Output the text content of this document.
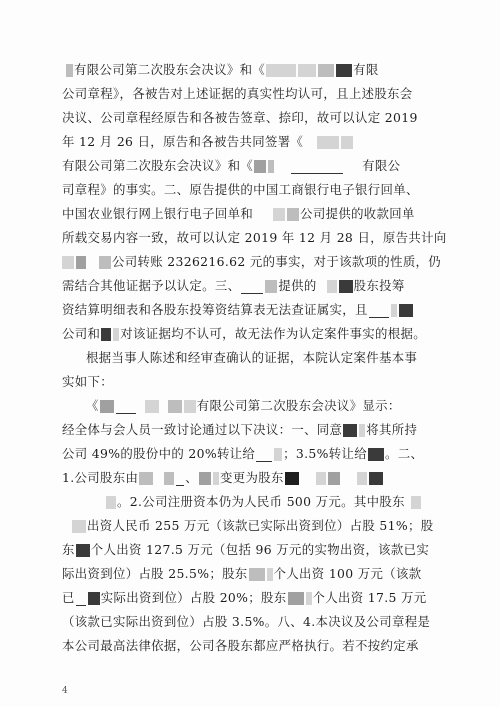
有限公司第二次股东会决议》和《	有限
公司章程》，各被告对上述证据的真实性均认可，且上述股东会
决议、公司章程经原告和各被告签章、捺印，故可以认定 2019
年 12 月 26 日，原告和各被告共同签署《
有限公司第二次股东会决议》和《	有限公
司章程》的事实。二、原告提供的中国工商银行电子银行回单、
中国农业银行网上银行电子回单和	公司提供的收款回单
所载交易内容一致，故可以认定 2019 年 12 月 28 日，原告共计向
公司转账 2326216.62 元的事实，对于该款项的性质，仍
需结合其他证据予以认定。三、	提供的	股东投筹
资结算明细表和各股东投筹资结算表无法查证属实，且
公司和 对该证据均不认可，故无法作为认定案件事实的根据。
根据当事人陈述和经审查确认的证据，本院认定案件基本事
实如下：
《	有限公司第二次股东会决议》显示：
经全体与会人员一致讨论通过以下决议：一、同意 将其所持
公司 49%的股份中的 20%转让给 ；3.5%转让给 。二、
1.公司股东由	、 变更为股东
。2.公司注册资本仍为人民币 500 万元。其中股东
出资人民币 255 万元（该款已实际出资到位）占股 51%；股
东 个人出资 127.5 万元（包括 96 万元的实物出资，该款已实
际出资到位）占股 25.5%；股东 个人出资 100 万元（该款
已 实际出资到位）占股 20%；股东 个人出资 17.5 万元
（该款已实际出资到位）占股 3.5%。八、4.本决议及公司章程是
本公司最高法律依据，公司各股东都应严格执行。若不按约定承
4
